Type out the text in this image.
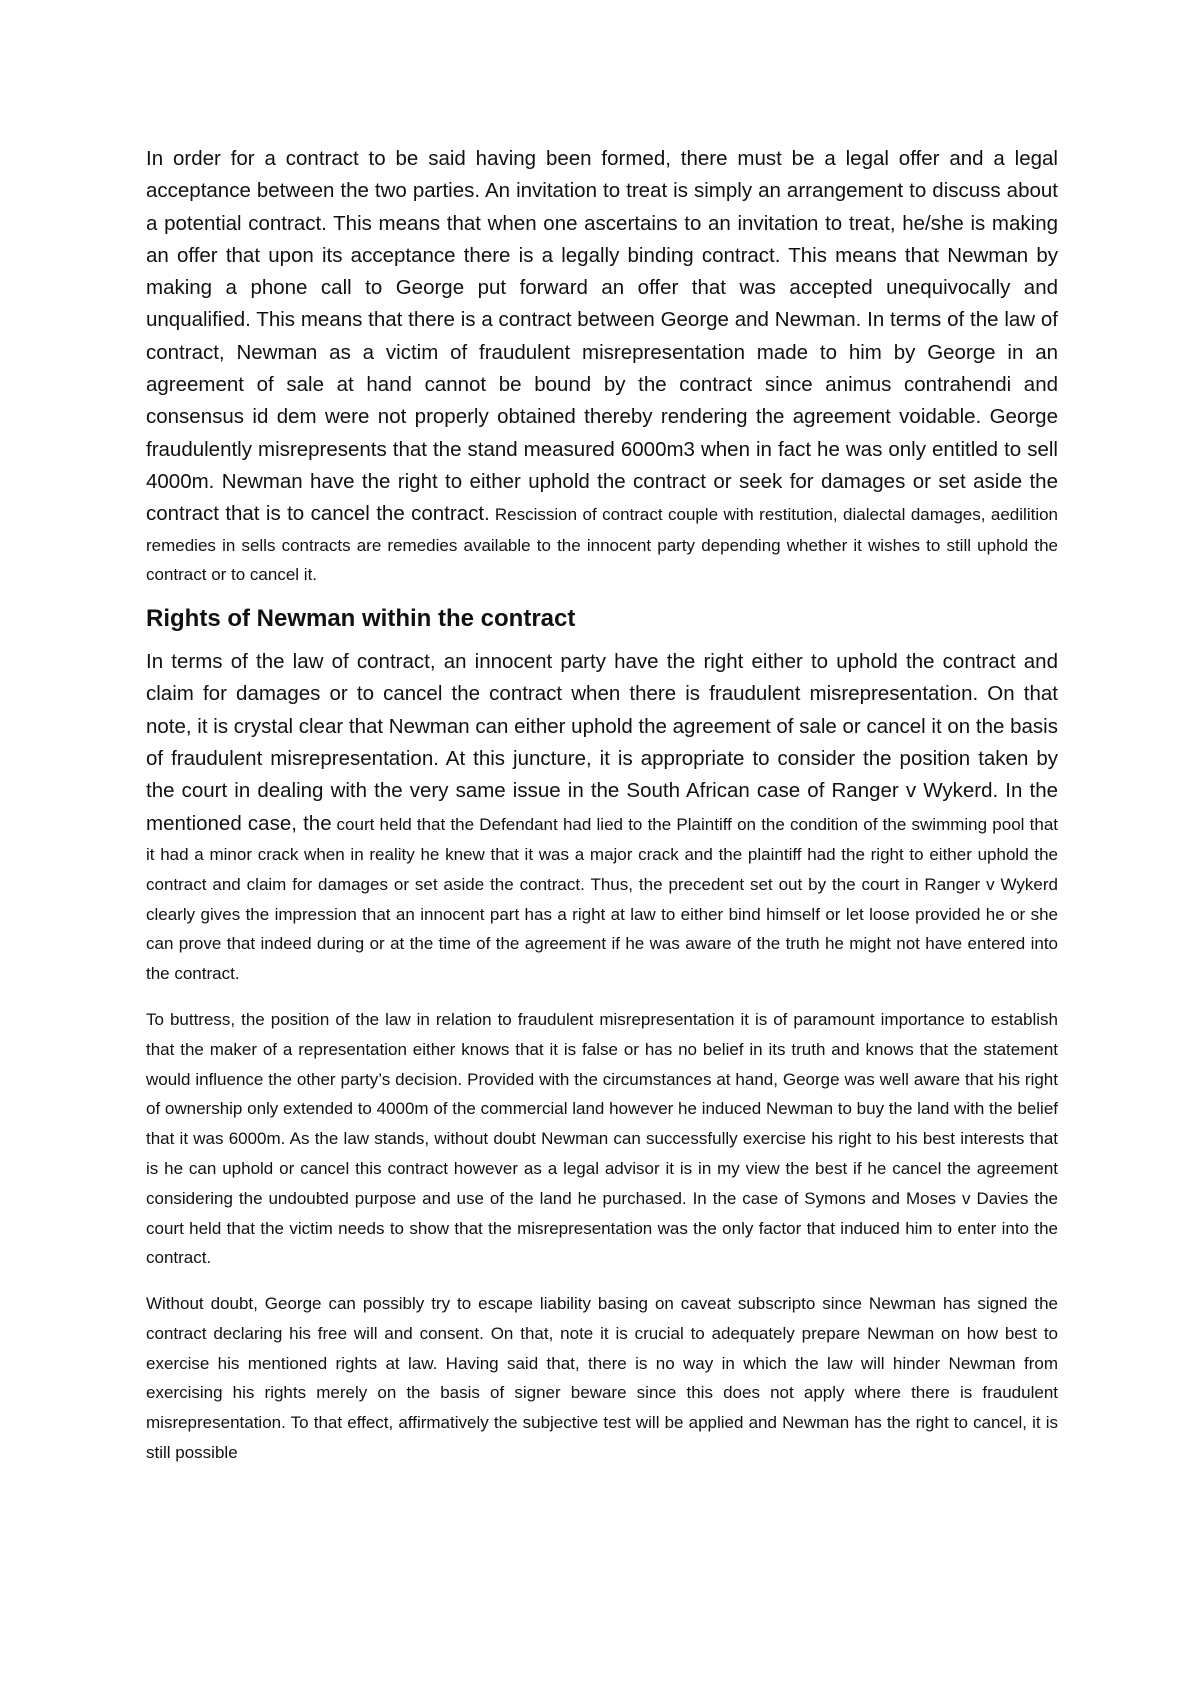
In order for a contract to be said having been formed, there must be a legal offer and a legal acceptance between the two parties. An invitation to treat is simply an arrangement to discuss about a potential contract. This means that when one ascertains to an invitation to treat, he/she is making an offer that upon its acceptance there is a legally binding contract. This means that Newman by making a phone call to George put forward an offer that was accepted unequivocally and unqualified. This means that there is a contract between George and Newman. In terms of the law of contract, Newman as a victim of fraudulent misrepresentation made to him by George in an agreement of sale at hand cannot be bound by the contract since animus contrahendi and consensus id dem were not properly obtained thereby rendering the agreement voidable. George fraudulently misrepresents that the stand measured 6000m3 when in fact he was only entitled to sell 4000m. Newman have the right to either uphold the contract or seek for damages or set aside the contract that is to cancel the contract. Rescission of contract couple with restitution, dialectal damages, aedilition remedies in sells contracts are remedies available to the innocent party depending whether it wishes to still uphold the contract or to cancel it.

Rights of Newman within the contract

In terms of the law of contract, an innocent party have the right either to uphold the contract and claim for damages or to cancel the contract when there is fraudulent misrepresentation. On that note, it is crystal clear that Newman can either uphold the agreement of sale or cancel it on the basis of fraudulent misrepresentation. At this juncture, it is appropriate to consider the position taken by the court in dealing with the very same issue in the South African case of Ranger v Wykerd. In the mentioned case, the court held that the Defendant had lied to the Plaintiff on the condition of the swimming pool that it had a minor crack when in reality he knew that it was a major crack and the plaintiff had the right to either uphold the contract and claim for damages or set aside the contract. Thus, the precedent set out by the court in Ranger v Wykerd clearly gives the impression that an innocent part has a right at law to either bind himself or let loose provided he or she can prove that indeed during or at the time of the agreement if he was aware of the truth he might not have entered into the contract.

To buttress, the position of the law in relation to fraudulent misrepresentation it is of paramount importance to establish that the maker of a representation either knows that it is false or has no belief in its truth and knows that the statement would influence the other party’s decision. Provided with the circumstances at hand, George was well aware that his right of ownership only extended to 4000m of the commercial land however he induced Newman to buy the land with the belief that it was 6000m. As the law stands, without doubt Newman can successfully exercise his right to his best interests that is he can uphold or cancel this contract however as a legal advisor it is in my view the best if he cancel the agreement considering the undoubted purpose and use of the land he purchased. In the case of Symons and Moses v Davies the court held that the victim needs to show that the misrepresentation was the only factor that induced him to enter into the contract.

Without doubt, George can possibly try to escape liability basing on caveat subscripto since Newman has signed the contract declaring his free will and consent. On that, note it is crucial to adequately prepare Newman on how best to exercise his mentioned rights at law. Having said that, there is no way in which the law will hinder Newman from exercising his rights merely on the basis of signer beware since this does not apply where there is fraudulent misrepresentation. To that effect, affirmatively the subjective test will be applied and Newman has the right to cancel, it is still possible
